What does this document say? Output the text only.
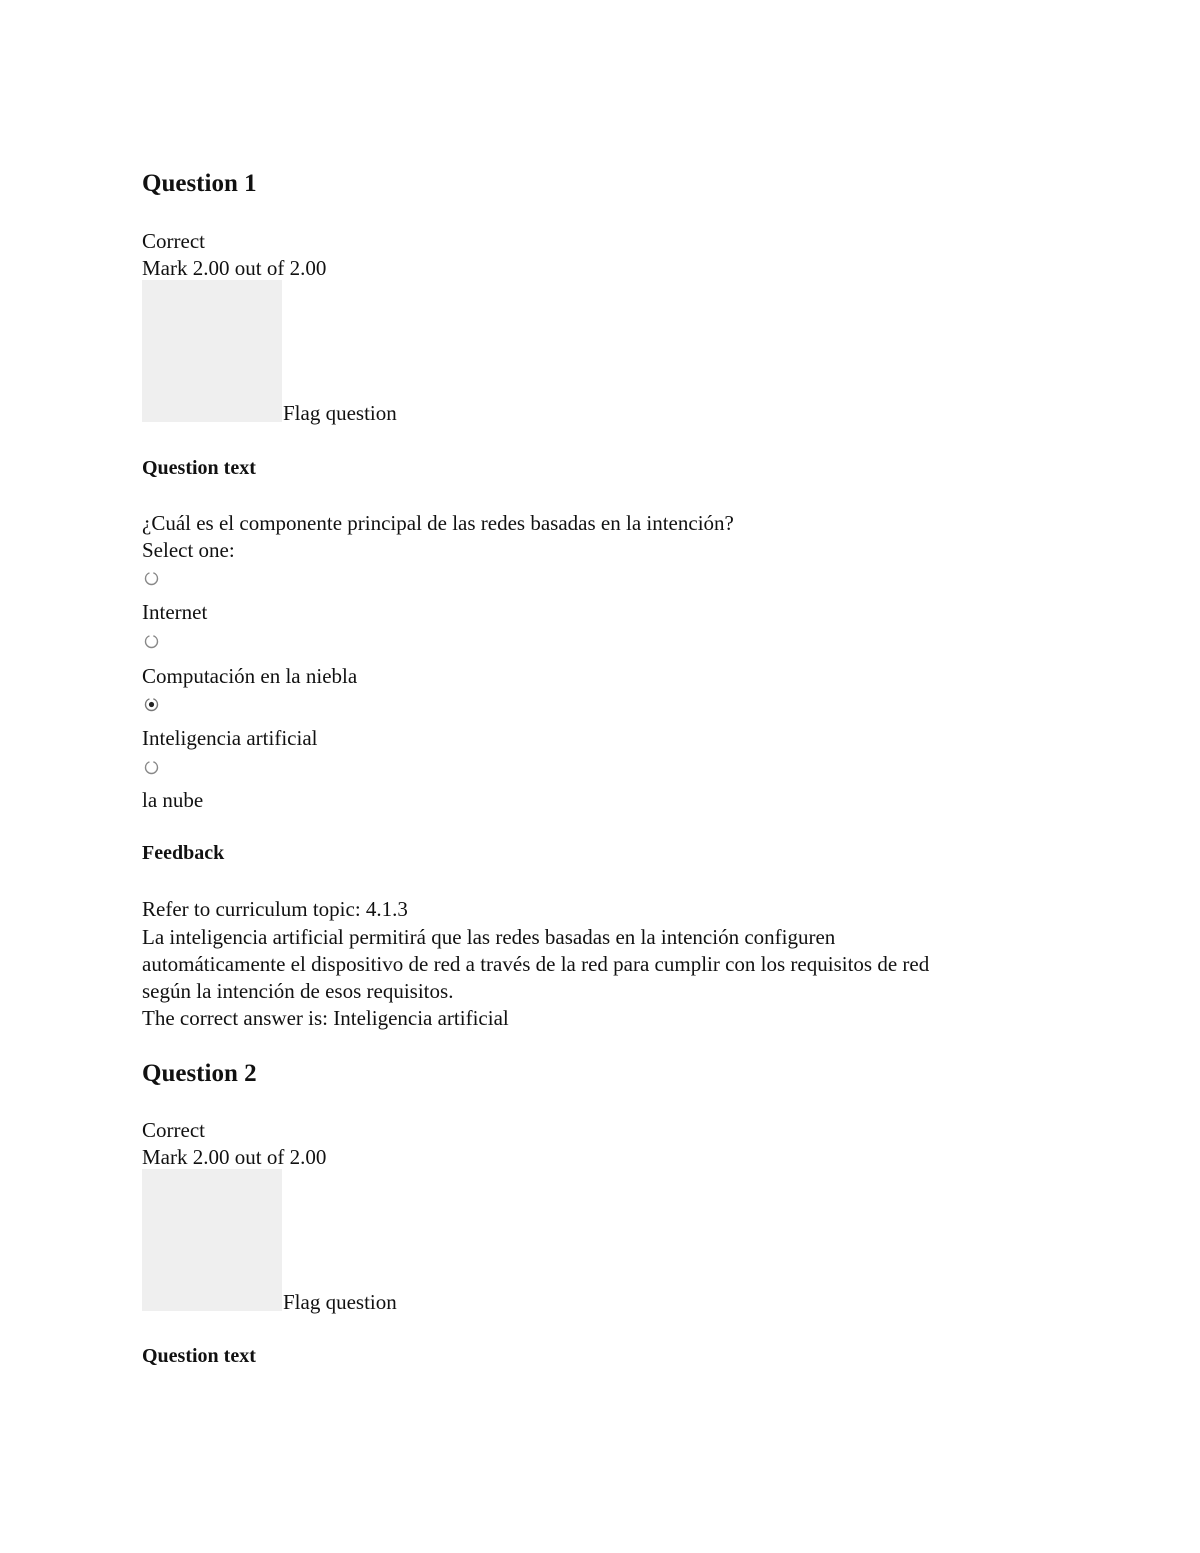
Question 1
Correct
Mark 2.00 out of 2.00
Flag question
Question text
¿Cuál es el componente principal de las redes basadas en la intención?
Select one:
Internet
Computación en la niebla
Inteligencia artificial
la nube
Feedback
Refer to curriculum topic: 4.1.3
La inteligencia artificial permitirá que las redes basadas en la intención configuren
automáticamente el dispositivo de red a través de la red para cumplir con los requisitos de red
según la intención de esos requisitos.
The correct answer is: Inteligencia artificial
Question 2
Correct
Mark 2.00 out of 2.00
Flag question
Question text
